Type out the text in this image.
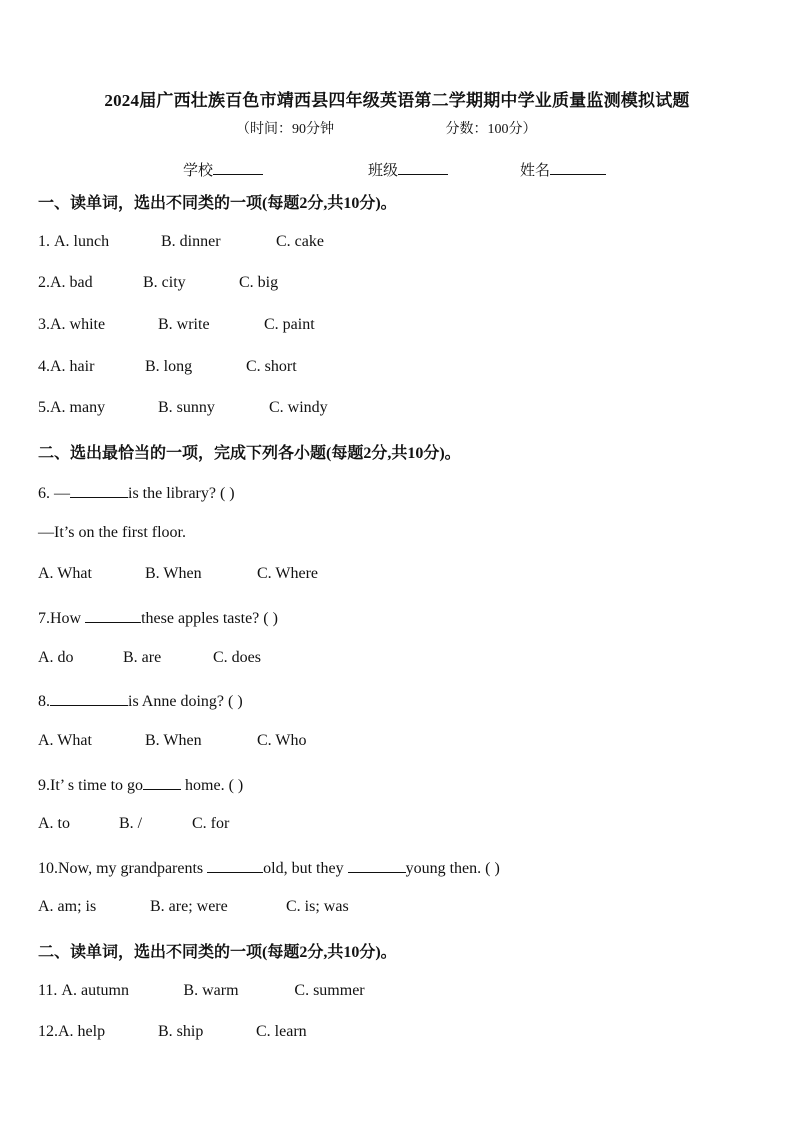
2024届广西壮族百色市靖西县四年级英语第二学期期中学业质量监测模拟试题
（时间：90分钟	分数：100分）
学校	班级	姓名
一、读单词，选出不同类的一项(每题2分,共10分)。
1. A. lunch	B. dinner	C. cake
2.A. bad	B. city	C. big
3.A. white	B. write	C. paint
4.A. hair	B. long	C. short
5.A. many	B. sunny	C. windy
二、选出最恰当的一项，完成下列各小题(每题2分,共10分)。
6. —	is the library? ( )
—It’s on the first floor.
A. What	B. When	C. Where
7.How	these apples taste? ( )
A. do	B. are	C. does
8.	is Anne doing? ( )
A. What	B. When	C. Who
9.It’ s time to go home. ( )
A. to	B. /	C. for
10.Now, my grandparents	old, but they	young then. ( )
A. am; is	B. are; were	C. is; was
二、读单词，选出不同类的一项(每题2分,共10分)。
11. A. autumn	B. warm	C. summer
12.A. help	B. ship	C. learn
